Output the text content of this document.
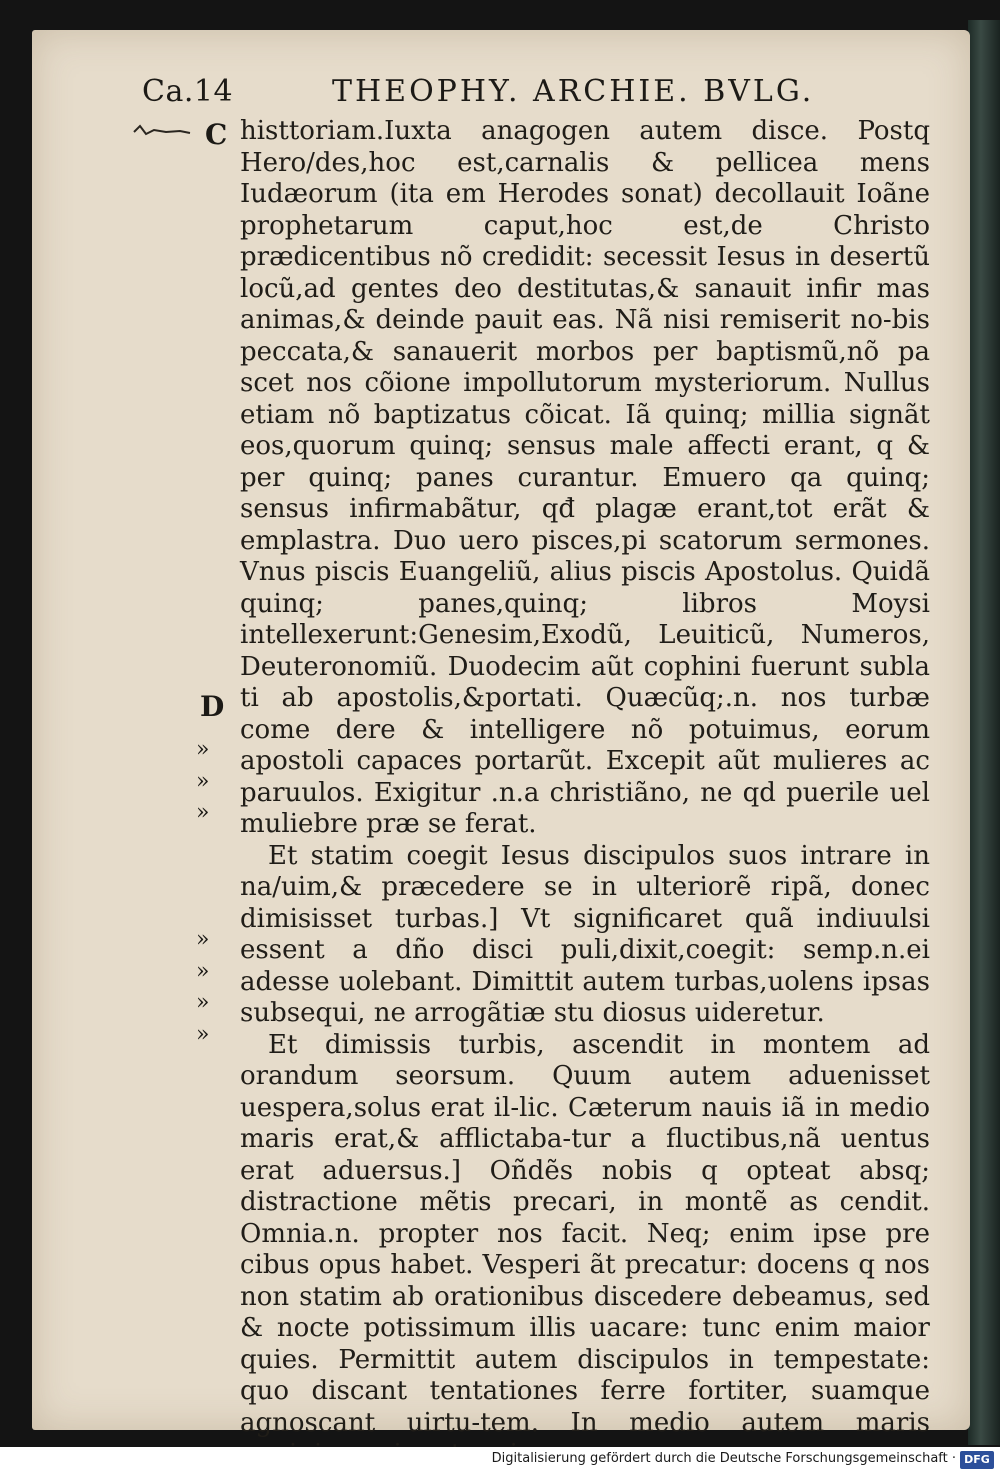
Ca.14	THEOPHY. ARCHIE. BVLG.
C
D
»
»
»
»
»
»
»

histtoriam.Iuxta anagogen autem disce. Postq Hero/des,hoc est,carnalis & pellicea mens Iudæorum (ita em Herodes sonat) decollauit Ioãne prophetarum caput,hoc est,de Christo prædicentibus nõ credidit: secessit Iesus in desertũ locũ,ad gentes deo destitutas,& sanauit infir mas animas,& deinde pauit eas. Nã nisi remiserit no-bis peccata,& sanauerit morbos per baptismũ,nõ pa scet nos cõione impollutorum mysteriorum. Nullus etiam nõ baptizatus cõicat. Iã quinq; millia signãt eos,quorum quinq; sensus male affecti erant, q & per quinq; panes curantur. Emuero qa quinq; sensus infirmabãtur, qđ plagæ erant,tot erãt & emplastra. Duo uero pisces,pi scatorum sermones. Vnus piscis Euangeliũ, alius piscis Apostolus. Quidã quinq; panes,quinq; libros Moysi intellexerunt:Genesim,Exodũ, Leuiticũ, Numeros, Deuteronomiũ. Duodecim aũt cophini fuerunt subla ti ab apostolis,&portati. Quæcũq;.n. nos turbæ come dere & intelligere nõ potuimus, eorum apostoli capaces portarũt. Excepit aũt mulieres ac paruulos. Exigitur .n.a christiãno, ne qd puerile uel muliebre præ se ferat.

Et statim coegit Iesus discipulos suos intrare in na/uim,& præcedere se in ulteriorẽ ripã, donec dimisisset turbas.] Vt significaret quã indiuulsi essent a dño disci puli,dixit,coegit: semp.n.ei adesse uolebant. Dimittit autem turbas,uolens ipsas subsequi, ne arrogãtiæ stu diosus uideretur.

Et dimissis turbis, ascendit in montem ad orandum seorsum. Quum autem aduenisset uespera,solus erat il-lic. Cæterum nauis iã in medio maris erat,& afflictaba-tur a fluctibus,nã uentus erat aduersus.] Oñdẽs nobis q opteat absq; distractione mẽtis precari, in montẽ as cendit. Omnia.n. propter nos facit. Neq; enim ipse pre cibus opus habet. Vesperi ãt precatur: docens q nos non statim ab orationibus discedere debeamus, sed & nocte potissimum illis uacare: tunc enim maior quies. Permittit autem discipulos in tempestate: quo discant tentationes ferre fortiter, suamque agnoscant uirtu-tem. In medio autem maris

Digitalisierung gefördert durch die Deutsche Forschungsgemeinschaft · DFG
